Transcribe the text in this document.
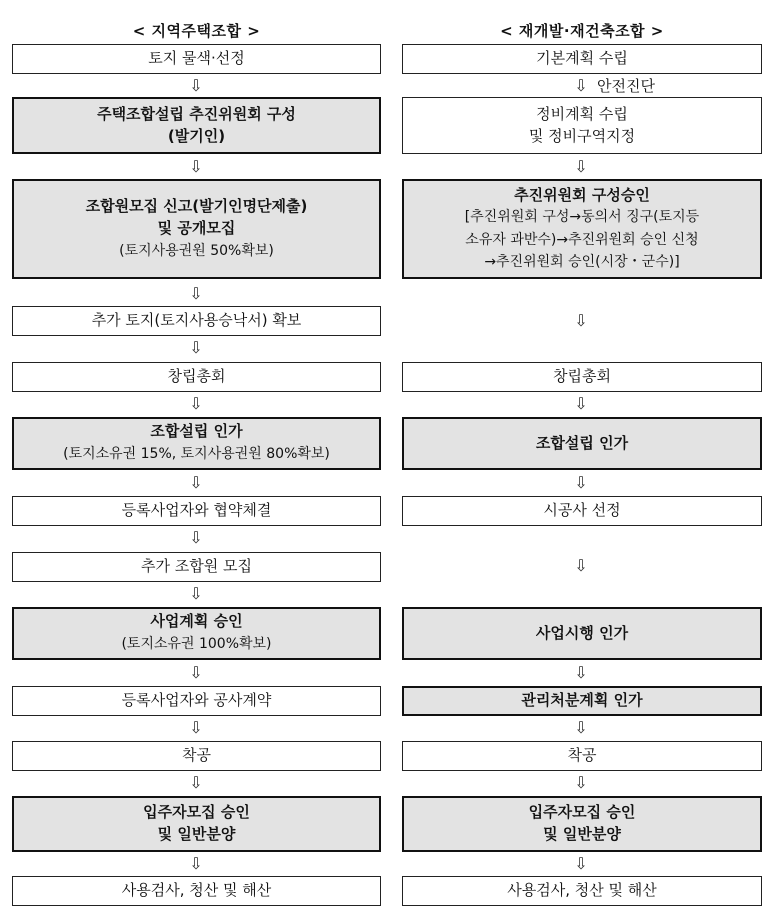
< 지역주택조합 >	< 재개발·재건축조합 >
토지 물색·선정
⇩
주택조합설립 추진위원회 구성
(발기인)
⇩
조합원모집 신고(발기인명단제출)
및 공개모집
(토지사용권원 50%확보)
⇩
추가 토지(토지사용승낙서) 확보
⇩
창립총회
⇩
조합설립 인가
(토지소유권 15%, 토지사용권원 80%확보)
⇩
등록사업자와 협약체결
⇩
추가 조합원 모집
⇩
사업계획 승인
(토지소유권 100%확보)
⇩
등록사업자와 공사계약
⇩
착공
⇩
입주자모집 승인
및 일반분양
⇩
사용검사, 청산 및 해산
기본계획 수립
⇩ 안전진단
정비계획 수립
및 정비구역지정
⇩
추진위원회 구성승인
[추진위원회 구성→동의서 징구(토지등
소유자 과반수)→추진위원회 승인 신청
→추진위원회 승인(시장・군수)]
⇩
창립총회
⇩
조합설립 인가
⇩
시공사 선정
⇩
사업시행 인가
⇩
관리처분계획 인가
⇩
착공
⇩
입주자모집 승인
및 일반분양
⇩
사용검사, 청산 및 해산
